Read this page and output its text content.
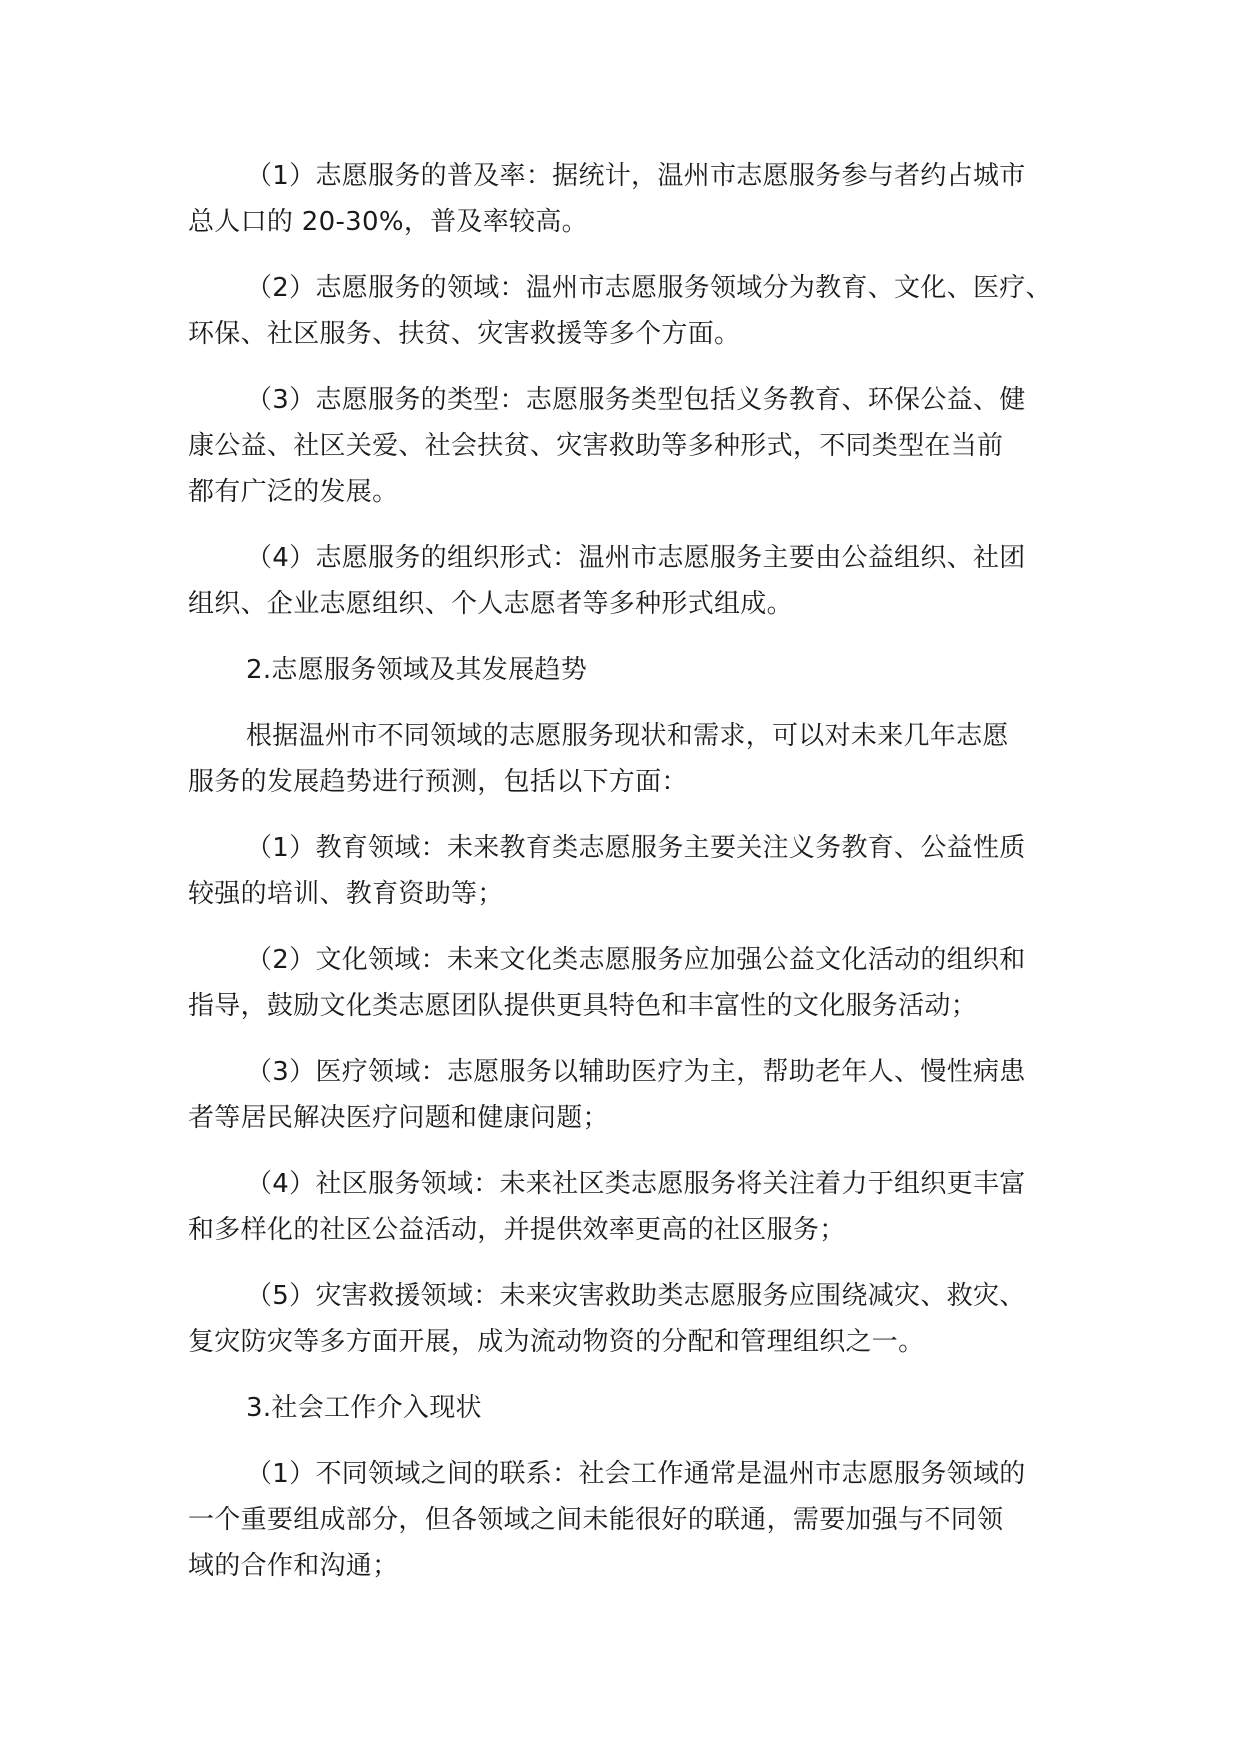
（1）志愿服务的普及率：据统计，温州市志愿服务参与者约占城市
总人口的 20-30%，普及率较高。
（2）志愿服务的领域：温州市志愿服务领域分为教育、文化、医疗、
环保、社区服务、扶贫、灾害救援等多个方面。
（3）志愿服务的类型：志愿服务类型包括义务教育、环保公益、健
康公益、社区关爱、社会扶贫、灾害救助等多种形式，不同类型在当前
都有广泛的发展。
（4）志愿服务的组织形式：温州市志愿服务主要由公益组织、社团
组织、企业志愿组织、个人志愿者等多种形式组成。
2.志愿服务领域及其发展趋势
根据温州市不同领域的志愿服务现状和需求，可以对未来几年志愿
服务的发展趋势进行预测，包括以下方面：
（1）教育领域：未来教育类志愿服务主要关注义务教育、公益性质
较强的培训、教育资助等；
（2）文化领域：未来文化类志愿服务应加强公益文化活动的组织和
指导，鼓励文化类志愿团队提供更具特色和丰富性的文化服务活动；
（3）医疗领域：志愿服务以辅助医疗为主，帮助老年人、慢性病患
者等居民解决医疗问题和健康问题；
（4）社区服务领域：未来社区类志愿服务将关注着力于组织更丰富
和多样化的社区公益活动，并提供效率更高的社区服务；
（5）灾害救援领域：未来灾害救助类志愿服务应围绕减灾、救灾、
复灾防灾等多方面开展，成为流动物资的分配和管理组织之一。
3.社会工作介入现状
（1）不同领域之间的联系：社会工作通常是温州市志愿服务领域的
一个重要组成部分，但各领域之间未能很好的联通，需要加强与不同领
域的合作和沟通；
